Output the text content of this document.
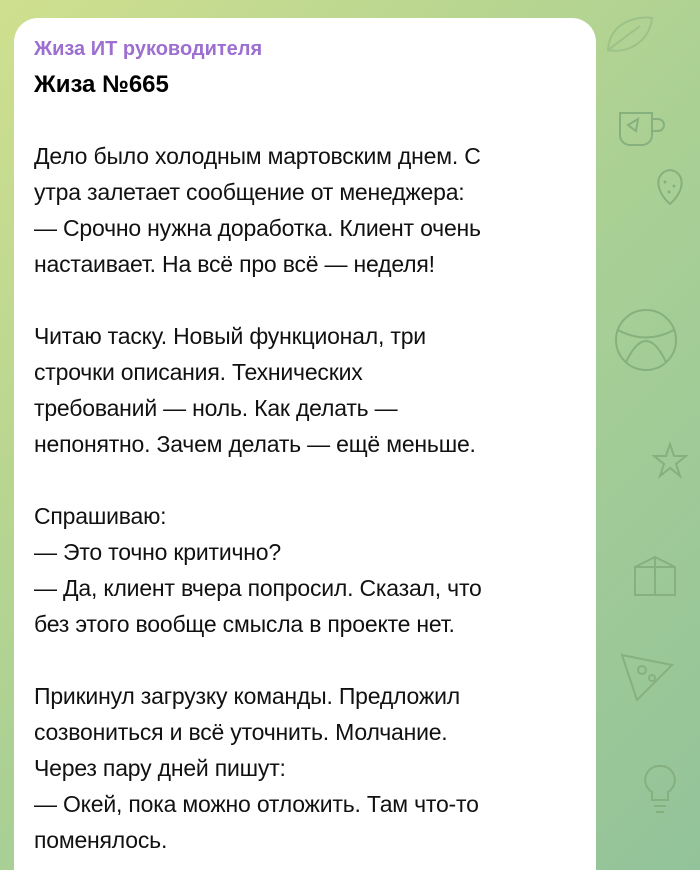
Жиза ИТ руководителя

Жиза №665

Дело было холодным мартовским днем. С
утра залетает сообщение от менеджера:
— Срочно нужна доработка. Клиент очень
настаивает. На всё про всё — неделя!
Читаю таску. Новый функционал, три
строчки описания. Технических
требований — ноль. Как делать —
непонятно. Зачем делать — ещё меньше.
Спрашиваю:
— Это точно критично?
— Да, клиент вчера попросил. Сказал, что
без этого вообще смысла в проекте нет.
Прикинул загрузку команды. Предложил
созвониться и всё уточнить. Молчание.
Через пару дней пишут:
— Окей, пока можно отложить. Там что-то
поменялось.
